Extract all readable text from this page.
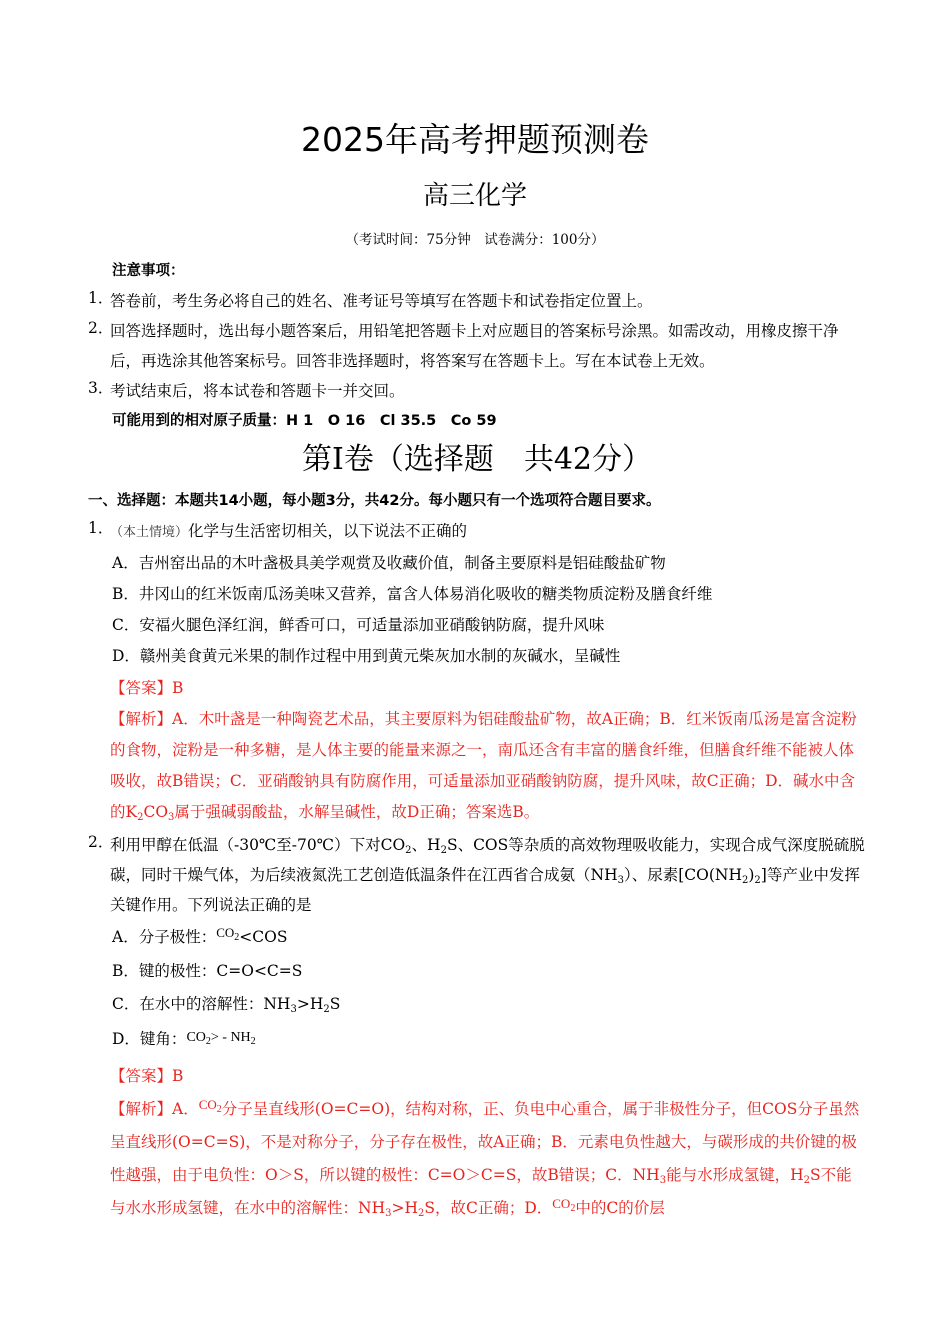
2025年高考押题预测卷
高三化学
（考试时间：75分钟　试卷满分：100分）

注意事项：

1．
答卷前，考生务必将自己的姓名、准考证号等填写在答题卡和试卷指定位置上。
2．
回答选择题时，选出每小题答案后，用铅笔把答题卡上对应题目的答案标号涂黑。如需改动，用橡皮擦干净后，再选涂其他答案标号。回答非选择题时，将答案写在答题卡上。写在本试卷上无效。
3．
考试结束后，将本试卷和答题卡一并交回。

可能用到的相对原子质量：H 1　O 16　Cl 35.5　Co 59

第Ⅰ卷（选择题　共42分）

一、选择题：本题共14小题，每小题3分，共42分。每小题只有一个选项符合题目要求。

1．
（本土情境）化学与生活密切相关，以下说法不正确的
A．吉州窑出品的木叶盏极具美学观赏及收藏价值，制备主要原料是铝硅酸盐矿物
B．井冈山的红米饭南瓜汤美味又营养，富含人体易消化吸收的糖类物质淀粉及膳食纤维
C．安福火腿色泽红润，鲜香可口，可适量添加亚硝酸钠防腐，提升风味
D．赣州美食黄元米果的制作过程中用到黄元柴灰加水制的灰碱水，呈碱性
【答案】B
【解析】A．木叶盏是一种陶瓷艺术品，其主要原料为铝硅酸盐矿物，故A正确；B．红米饭南瓜汤是富含淀粉的食物，淀粉是一种多糖，是人体主要的能量来源之一，南瓜还含有丰富的膳食纤维，但膳食纤维不能被人体吸收，故B错误；C．亚硝酸钠具有防腐作用，可适量添加亚硝酸钠防腐，提升风味，故C正确；D．碱水中含的$K_2CO_3$属于强碱弱酸盐，水解呈碱性，故D正确；答案选B。
2．
利用甲醇在低温（-30℃至-70℃）下对$CO_2$、$H_2S$、COS等杂质的高效物理吸收能力，实现合成气深度脱硫脱碳，同时干燥气体，为后续液氮洗工艺创造低温条件在江西省合成氨$(NH_3)$、尿素$[CO(NH_2)_2]$等产业中发挥关键作用。下列说法正确的是
A．分子极性：$^{CO_2}$<COS
B．键的极性：C=O<C=S
C．在水中的溶解性：$NH_3>H_2S$
D．键角：$CO_2> - NH_2$
【答案】B
【解析】A．$^{CO_2}$分子呈直线形(O=C=O)，结构对称，正、负电中心重合，属于非极性分子，但COS分子虽然呈直线形(O=C=S)，不是对称分子，分子存在极性，故A正确；B．元素电负性越大，与碳形成的共价键的极性越强，由于电负性：O＞S，所以键的极性：C=O＞C=S，故B错误；C．$NH_3$能与水形成氢键，$H_2S$不能与水水形成氢键，在水中的溶解性：$NH_3>H_2S$，故C正确；D．$^{CO_2}$中的C的价层
